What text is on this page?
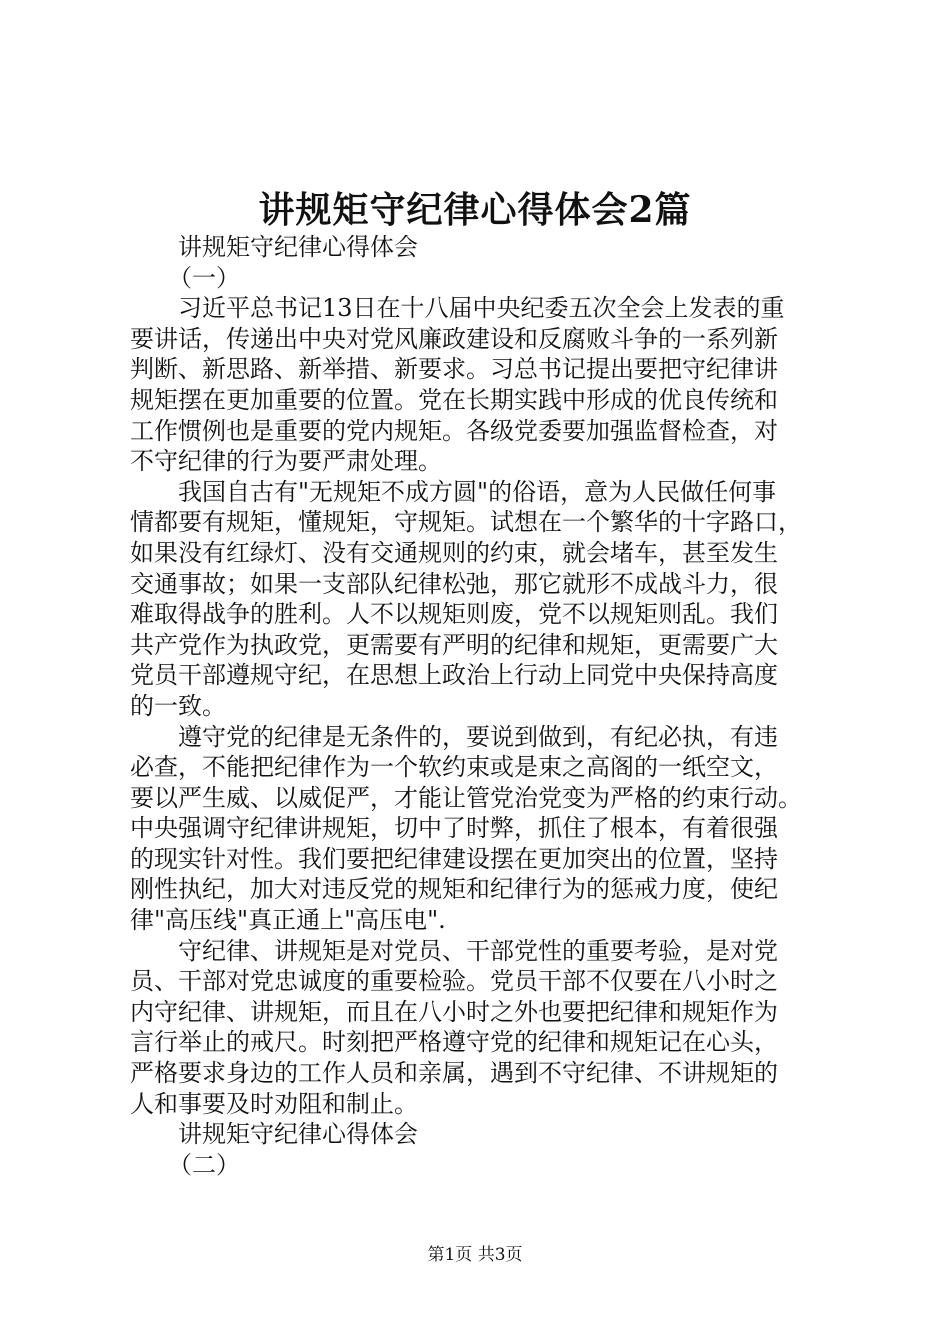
讲规矩守纪律心得体会2篇
讲规矩守纪律心得体会
（一）
习近平总书记13日在十八届中央纪委五次全会上发表的重
要讲话，传递出中央对党风廉政建设和反腐败斗争的一系列新
判断、新思路、新举措、新要求。习总书记提出要把守纪律讲
规矩摆在更加重要的位置。党在长期实践中形成的优良传统和
工作惯例也是重要的党内规矩。各级党委要加强监督检查，对
不守纪律的行为要严肃处理。
我国自古有"无规矩不成方圆"的俗语，意为人民做任何事
情都要有规矩，懂规矩，守规矩。试想在一个繁华的十字路口，
如果没有红绿灯、没有交通规则的约束，就会堵车，甚至发生
交通事故；如果一支部队纪律松弛，那它就形不成战斗力，很
难取得战争的胜利。人不以规矩则废，党不以规矩则乱。我们
共产党作为执政党，更需要有严明的纪律和规矩，更需要广大
党员干部遵规守纪，在思想上政治上行动上同党中央保持高度
的一致。
遵守党的纪律是无条件的，要说到做到，有纪必执，有违
必查，不能把纪律作为一个软约束或是束之高阁的一纸空文，
要以严生威、以威促严，才能让管党治党变为严格的约束行动。
中央强调守纪律讲规矩，切中了时弊，抓住了根本，有着很强
的现实针对性。我们要把纪律建设摆在更加突出的位置，坚持
刚性执纪，加大对违反党的规矩和纪律行为的惩戒力度，使纪
律"高压线"真正通上"高压电".
守纪律、讲规矩是对党员、干部党性的重要考验，是对党
员、干部对党忠诚度的重要检验。党员干部不仅要在八小时之
内守纪律、讲规矩，而且在八小时之外也要把纪律和规矩作为
言行举止的戒尺。时刻把严格遵守党的纪律和规矩记在心头，
严格要求身边的工作人员和亲属，遇到不守纪律、不讲规矩的
人和事要及时劝阻和制止。
讲规矩守纪律心得体会
（二）
第1页 共3页
